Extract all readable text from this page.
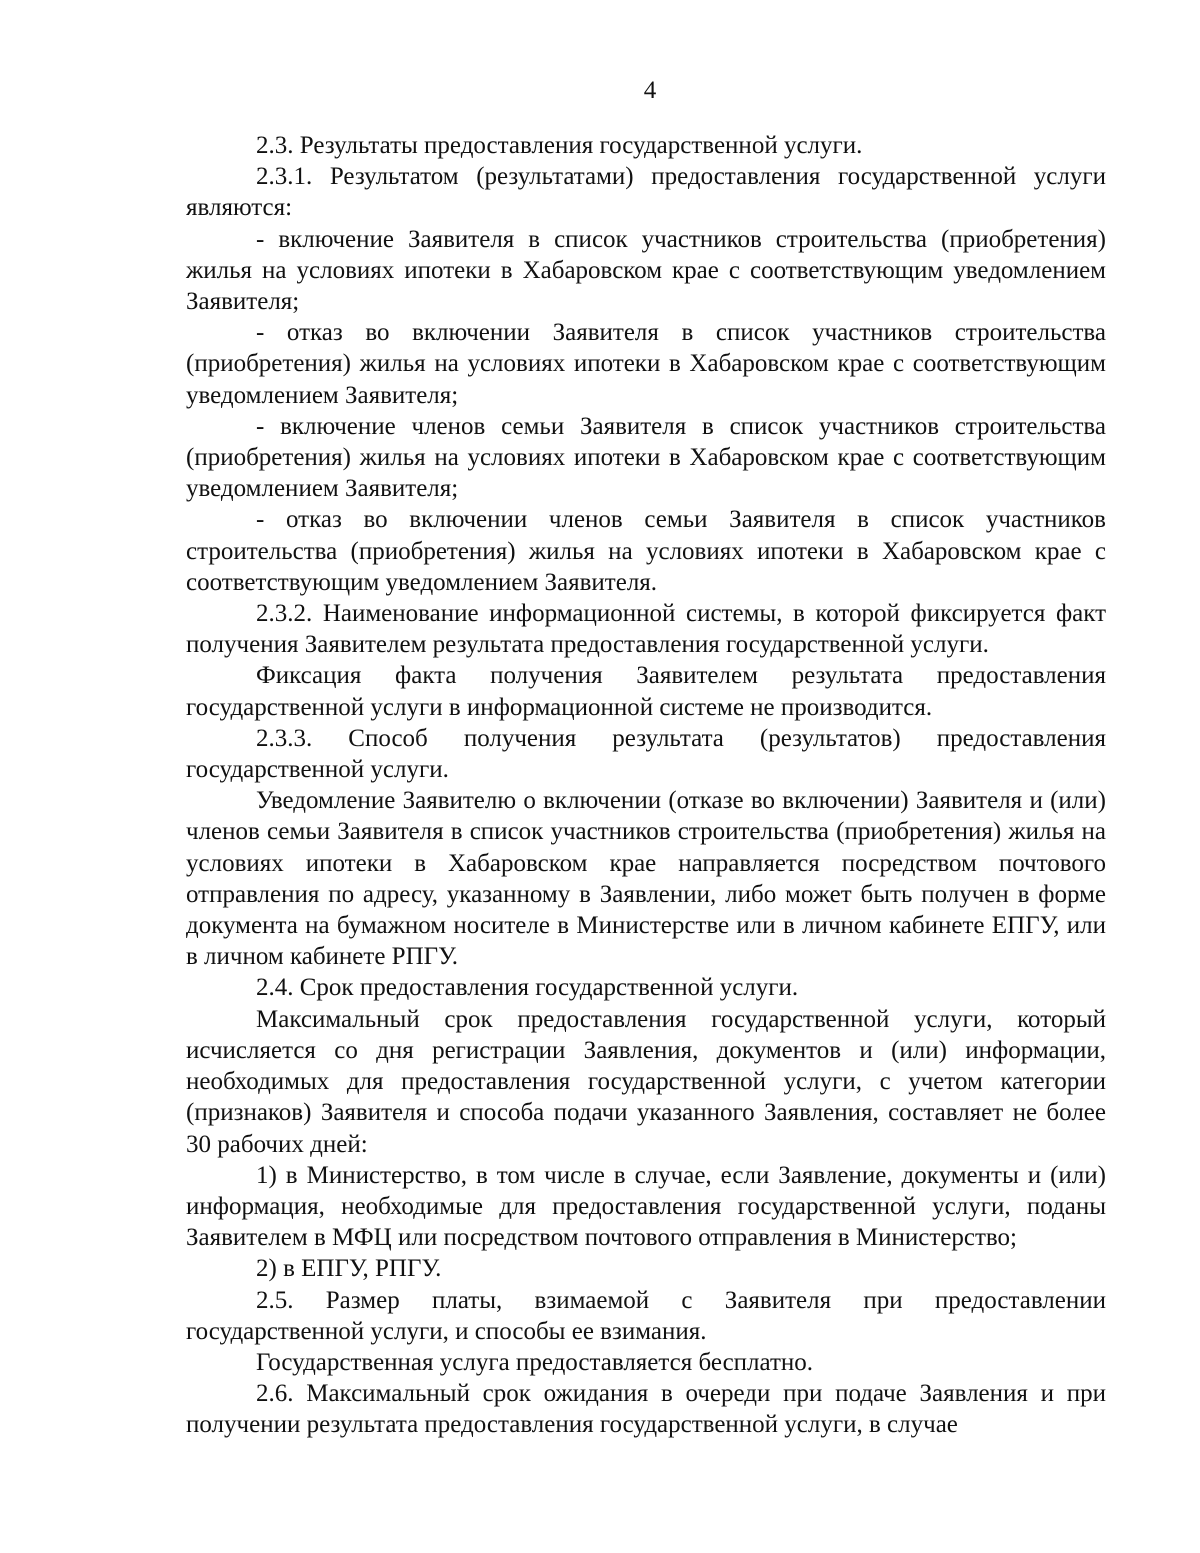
4

2.3. Результаты предоставления государственной услуги.

2.3.1. Результатом (результатами) предоставления государственной услуги являются:

- включение Заявителя в список участников строительства (приобретения) жилья на условиях ипотеки в Хабаровском крае с соответствующим уведомлением Заявителя;

- отказ во включении Заявителя в список участников строительства (приобретения) жилья на условиях ипотеки в Хабаровском крае с соответствующим уведомлением Заявителя;

- включение членов семьи Заявителя в список участников строительства (приобретения) жилья на условиях ипотеки в Хабаровском крае с соответствующим уведомлением Заявителя;

- отказ во включении членов семьи Заявителя в список участников строительства (приобретения) жилья на условиях ипотеки в Хабаровском крае с соответствующим уведомлением Заявителя.

2.3.2. Наименование информационной системы, в которой фиксируется факт получения Заявителем результата предоставления государственной услуги.

Фиксация факта получения Заявителем результата предоставления государственной услуги в информационной системе не производится.

2.3.3. Способ получения результата (результатов) предоставления государственной услуги.

Уведомление Заявителю о включении (отказе во включении) Заявителя и (или) членов семьи Заявителя в список участников строительства (приобретения) жилья на условиях ипотеки в Хабаровском крае направляется посредством почтового отправления по адресу, указанному в Заявлении, либо может быть получен в форме документа на бумажном носителе в Министерстве или в личном кабинете ЕПГУ, или в личном кабинете РПГУ.

2.4. Срок предоставления государственной услуги.

Максимальный срок предоставления государственной услуги, который исчисляется со дня регистрации Заявления, документов и (или) информации, необходимых для предоставления государственной услуги, с учетом категории (признаков) Заявителя и способа подачи указанного Заявления, составляет не более 30 рабочих дней:

1) в Министерство, в том числе в случае, если Заявление, документы и (или) информация, необходимые для предоставления государственной услуги, поданы Заявителем в МФЦ или посредством почтового отправления в Министерство;

2) в ЕПГУ, РПГУ.

2.5. Размер платы, взимаемой с Заявителя при предоставлении государственной услуги, и способы ее взимания.

Государственная услуга предоставляется бесплатно.

2.6. Максимальный срок ожидания в очереди при подаче Заявления и при получении результата предоставления государственной услуги, в случае
